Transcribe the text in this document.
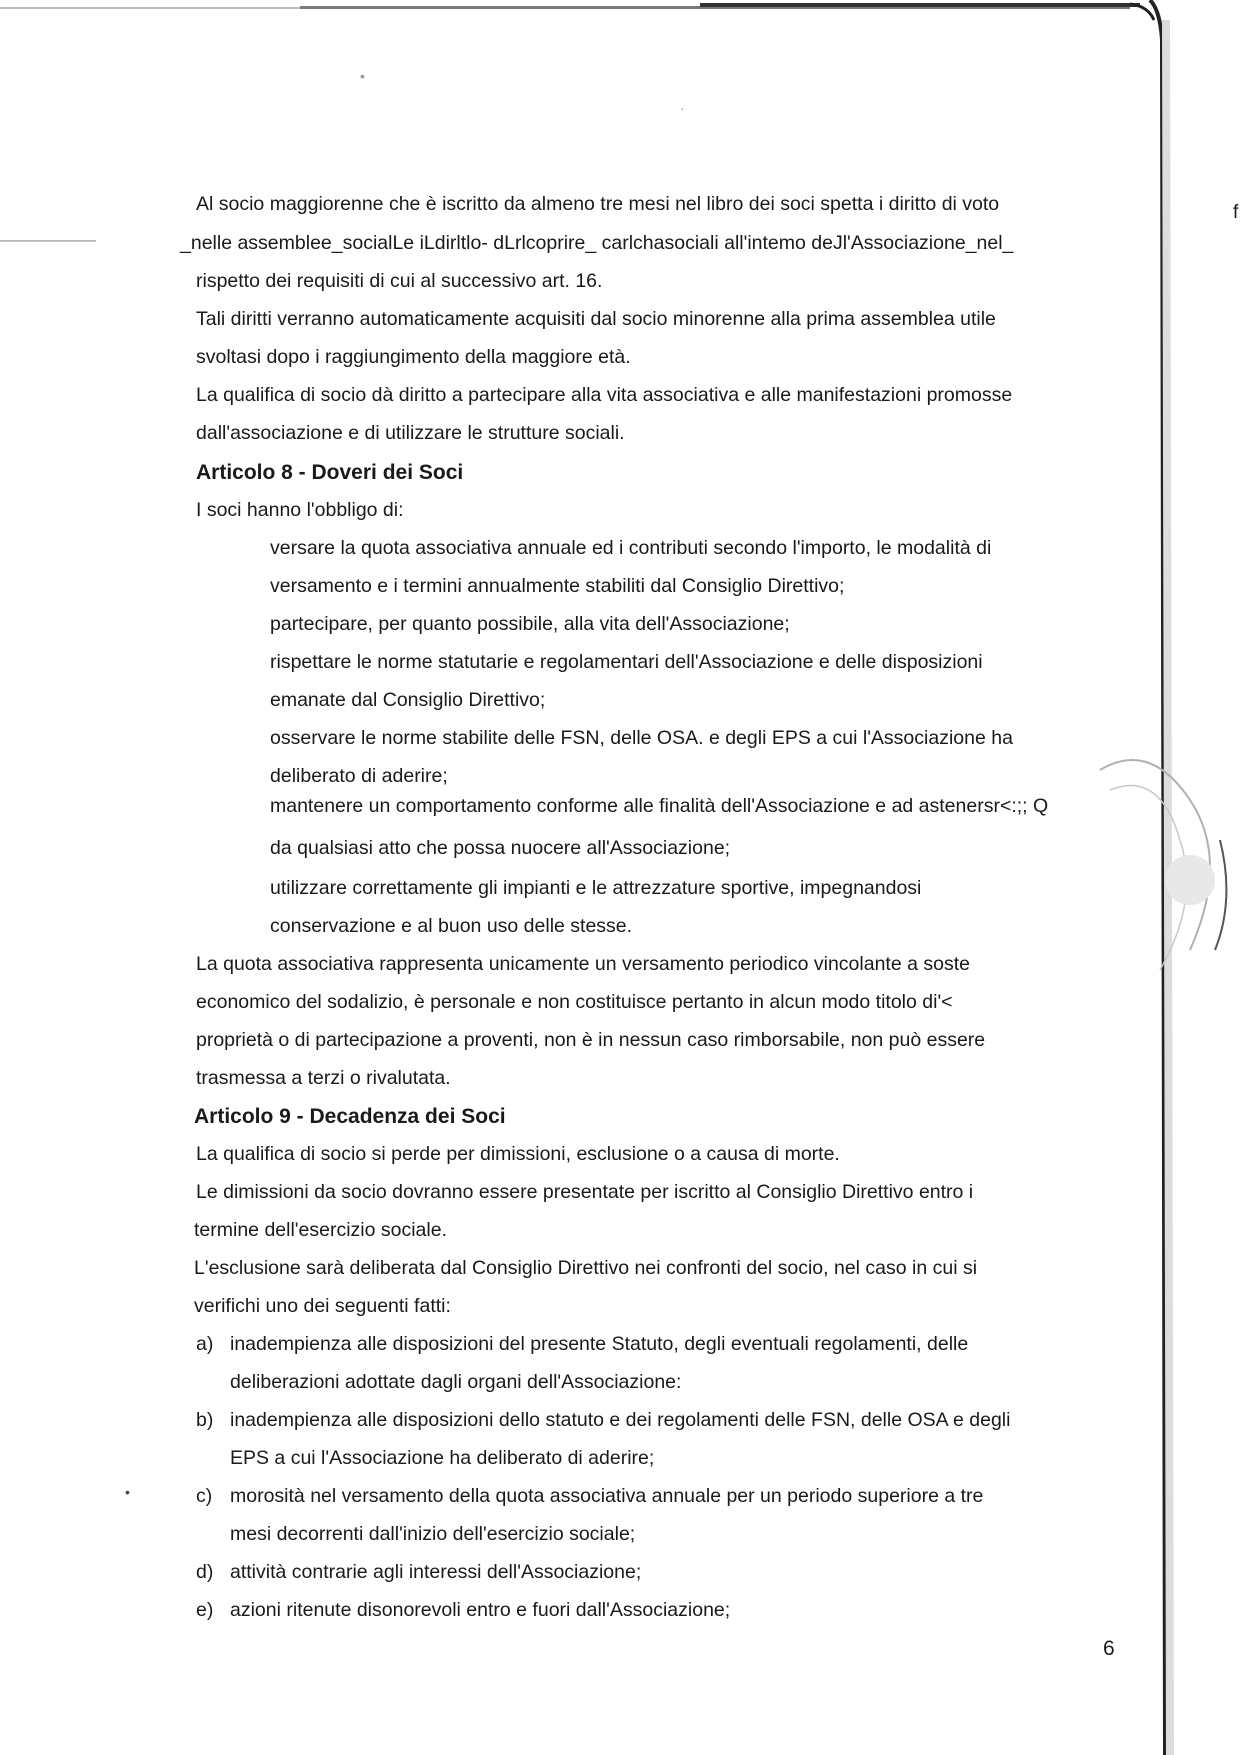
•
·
•
——————
f
Al socio maggiorenne che è iscritto da almeno tre mesi nel libro dei soci spetta i diritto di voto
_nelle assemblee_socialLe iLdirltlo- dLrlcoprire_ carlchasociali all'intemo deJl'Associazione_nel_
rispetto dei requisiti di cui al successivo art. 16.
Tali diritti verranno automaticamente acquisiti dal socio minorenne alla prima assemblea utile
svoltasi dopo i raggiungimento della maggiore età.
La qualifica di socio dà diritto a partecipare alla vita associativa e alle manifestazioni promosse
dall'associazione e di utilizzare le strutture sociali.
Articolo 8 - Doveri dei Soci
I soci hanno l'obbligo di:
versare la quota associativa annuale ed i contributi secondo l'importo, le modalità di
versamento e i termini annualmente stabiliti dal Consiglio Direttivo;
partecipare, per quanto possibile, alla vita dell'Associazione;
rispettare le norme statutarie e regolamentari dell'Associazione e delle disposizioni
emanate dal Consiglio Direttivo;
osservare le norme stabilite delle FSN, delle OSA. e degli EPS a cui l'Associazione ha
deliberato di aderire;
mantenere un comportamento conforme alle finalità dell'Associazione e ad astenersr<:;; Q
da qualsiasi atto che possa nuocere all'Associazione;
utilizzare correttamente gli impianti e le attrezzature sportive, impegnandosi
conservazione e al buon uso delle stesse.
La quota associativa rappresenta unicamente un versamento periodico vincolante a soste
economico del sodalizio, è personale e non costituisce pertanto in alcun modo titolo di'<
proprietà o di partecipazione a proventi, non è in nessun caso rimborsabile, non può essere
trasmessa a terzi o rivalutata.
Articolo 9 - Decadenza dei Soci
La qualifica di socio si perde per dimissioni, esclusione o a causa di morte.
Le dimissioni da socio dovranno essere presentate per iscritto al Consiglio Direttivo entro i
termine dell'esercizio sociale.
L'esclusione sarà deliberata dal Consiglio Direttivo nei confronti del socio, nel caso in cui si
verifichi uno dei seguenti fatti:
a) inadempienza alle disposizioni del presente Statuto, degli eventuali regolamenti, delle
deliberazioni adottate dagli organi dell'Associazione:
b) inadempienza alle disposizioni dello statuto e dei regolamenti delle FSN, delle OSA e degli
EPS a cui l'Associazione ha deliberato di aderire;
c) morosità nel versamento della quota associativa annuale per un periodo superiore a tre
mesi decorrenti dall'inizio dell'esercizio sociale;
d) attività contrarie agli interessi dell'Associazione;
e) azioni ritenute disonorevoli entro e fuori dall'Associazione;
6
